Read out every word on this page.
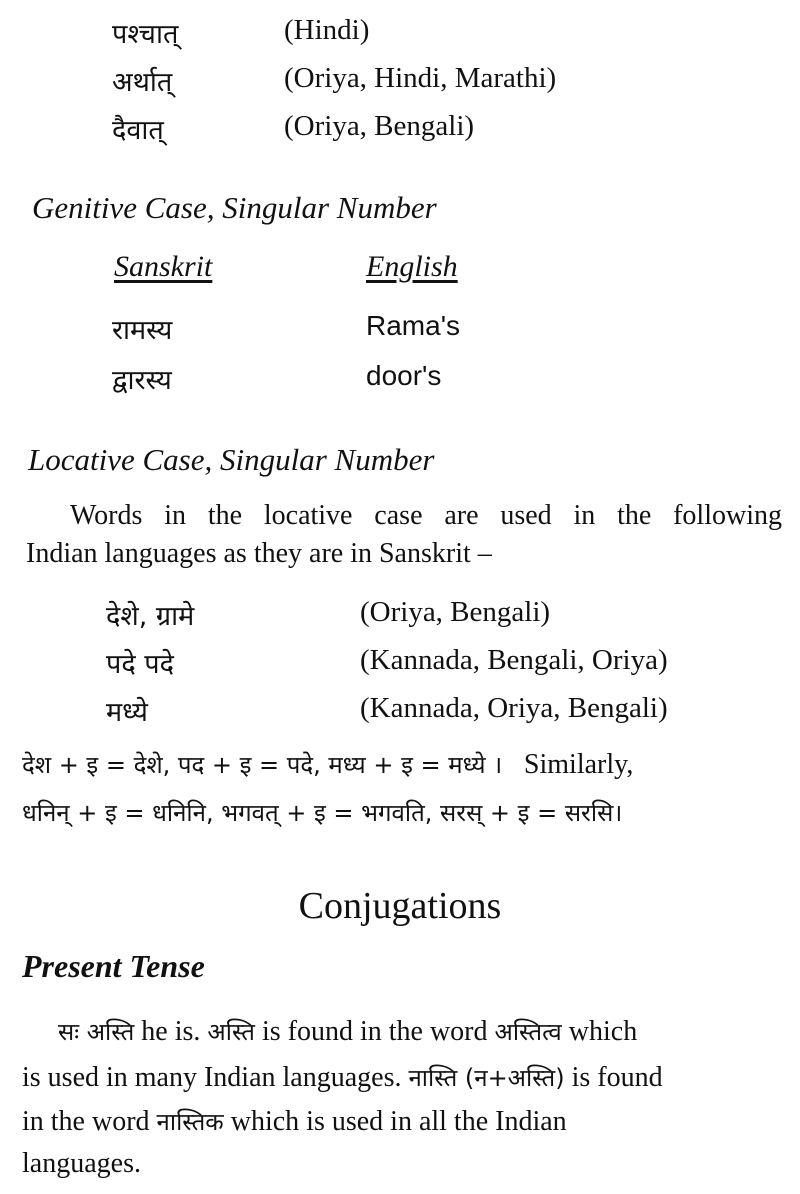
पश्चात्	(Hindi)
अर्थात्	(Oriya, Hindi, Marathi)
दैवात्	(Oriya, Bengali)
Genitive Case, Singular Number
Sanskrit	English
रामस्य	Rama's
द्वारस्य	door's
Locative Case, Singular Number
Words in the locative case are used in the following
Indian languages as they are in Sanskrit –
देशे, ग्रामे	(Oriya, Bengali)
पदे पदे	(Kannada, Bengali, Oriya)
मध्ये	(Kannada, Oriya, Bengali)
देश + इ = देशे, पद + इ = पदे, मध्य + इ = मध्ये । Similarly,
धनिन् + इ = धनिनि, भगवत् + इ = भगवति, सरस् + इ = सरसि।
Conjugations
Present Tense
सः अस्ति he is. अस्ति is found in the word अस्तित्व which
is used in many Indian languages. नास्ति (न+अस्ति) is found
in the word नास्तिक which is used in all the Indian
languages.
